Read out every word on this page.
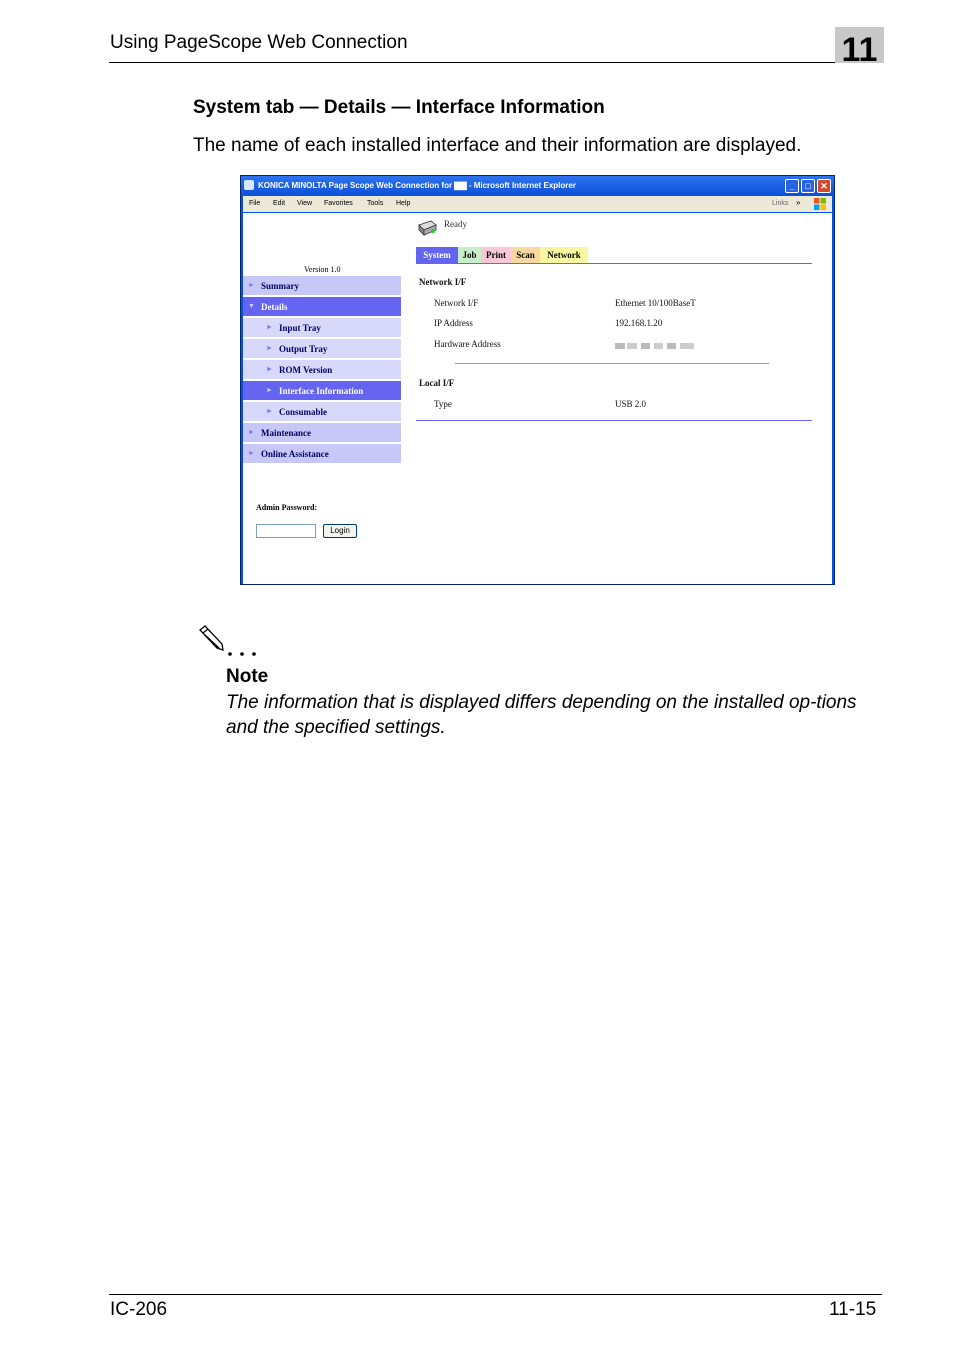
Using PageScope Web Connection	11
System tab — Details — Interface Information
The name of each installed interface and their information are displayed.
KONICA MINOLTA Page Scope Web Connection for ▇▇ - Microsoft Internet Explorer	_	□	✕
File Edit View Favorites Tools Help	Links »
Ready
Version 1.0
► Summary
▼ Details
► Input Tray
► Output Tray
► ROM Version
► Interface Information
► Consumable
► Maintenance
► Online Assistance
Admin Password:
Login
System	Job	Print	Scan	Network
Network I/F
Network I/F	Ethernet 10/100BaseT
IP Address	192.168.1.20
Hardware Address
Local I/F
Type	USB 2.0
Note
The information that is displayed differs depending on the installed op-tions and the specified settings.
IC-206	11-15
